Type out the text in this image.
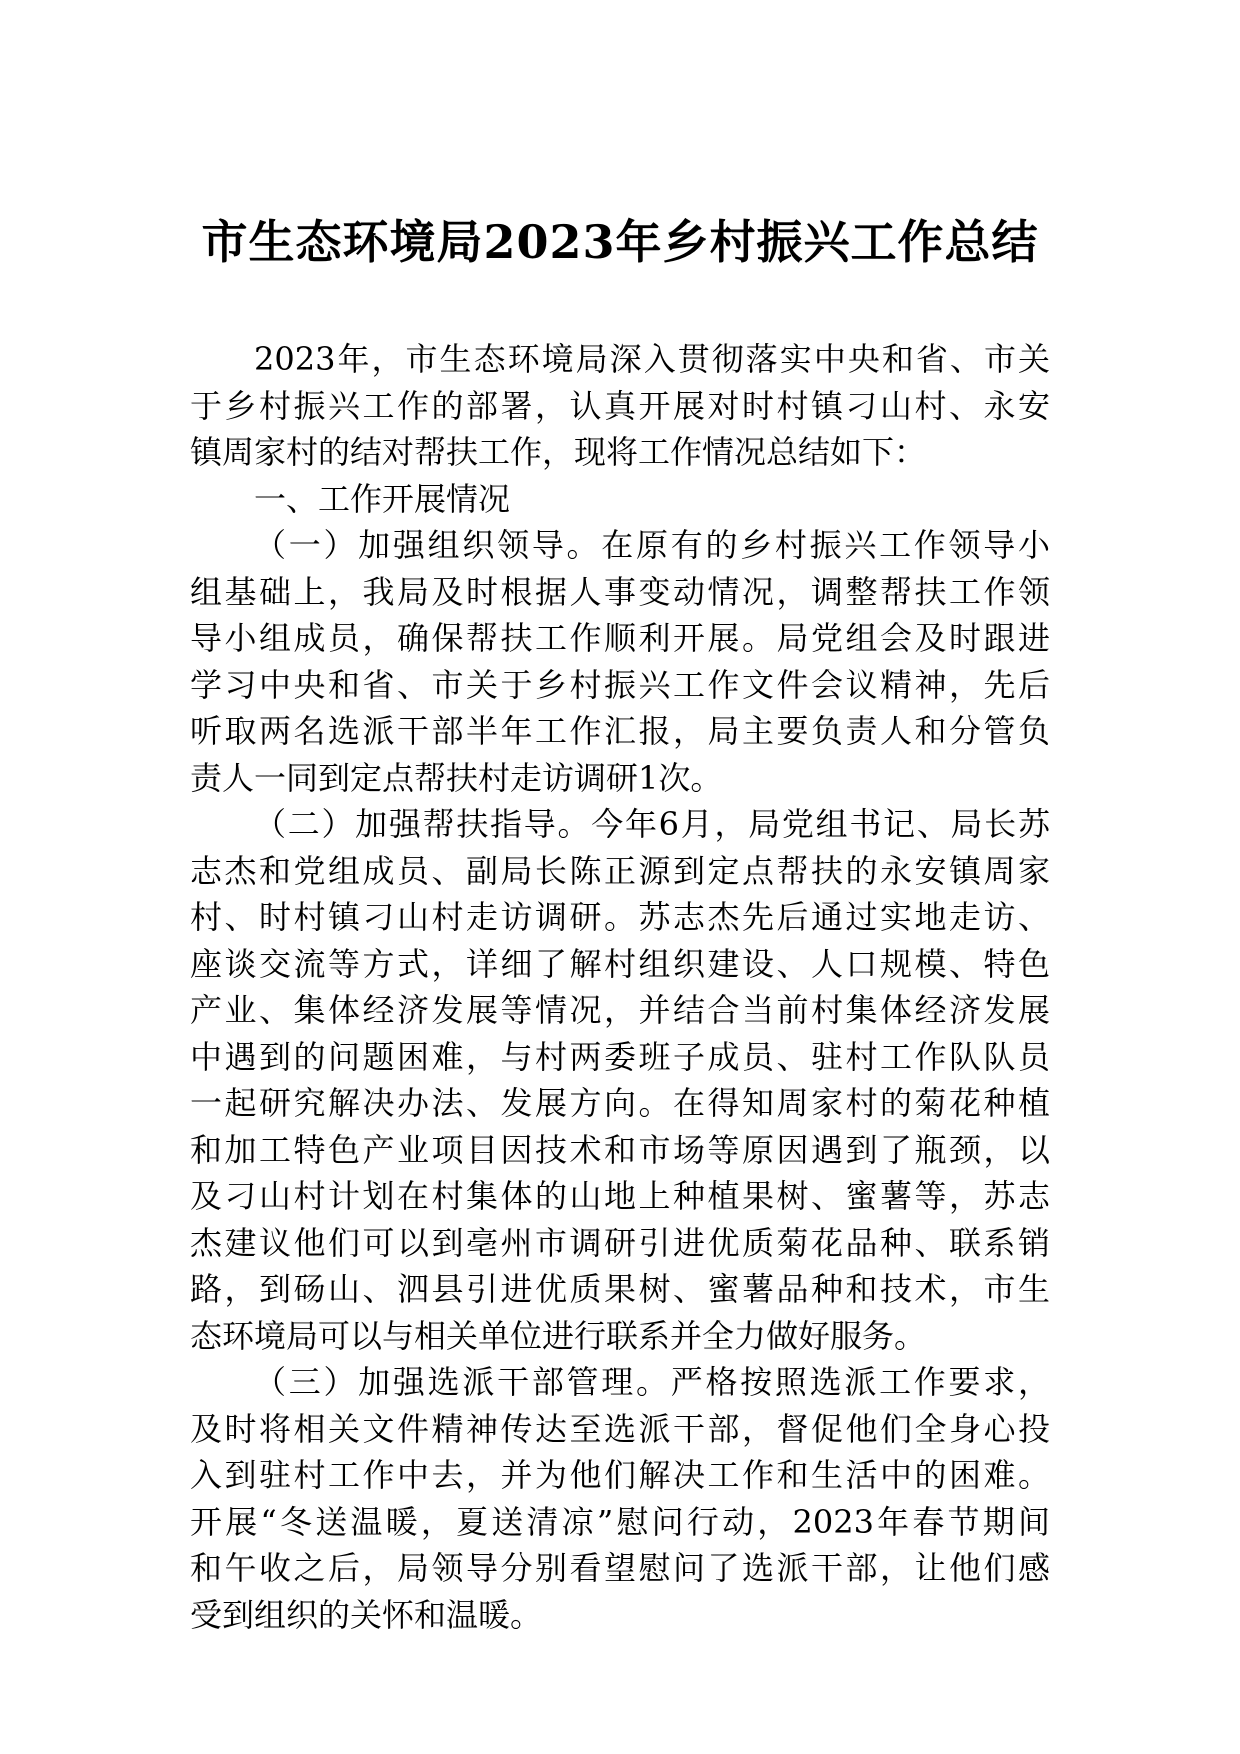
市生态环境局2023年乡村振兴工作总结
2023年，市生态环境局深入贯彻落实中央和省、市关
于乡村振兴工作的部署，认真开展对时村镇刁山村、永安
镇周家村的结对帮扶工作，现将工作情况总结如下：
一、工作开展情况
（一）加强组织领导。在原有的乡村振兴工作领导小
组基础上，我局及时根据人事变动情况，调整帮扶工作领
导小组成员，确保帮扶工作顺利开展。局党组会及时跟进
学习中央和省、市关于乡村振兴工作文件会议精神，先后
听取两名选派干部半年工作汇报，局主要负责人和分管负
责人一同到定点帮扶村走访调研1次。
（二）加强帮扶指导。今年6月，局党组书记、局长苏
志杰和党组成员、副局长陈正源到定点帮扶的永安镇周家
村、时村镇刁山村走访调研。苏志杰先后通过实地走访、
座谈交流等方式，详细了解村组织建设、人口规模、特色
产业、集体经济发展等情况，并结合当前村集体经济发展
中遇到的问题困难，与村两委班子成员、驻村工作队队员
一起研究解决办法、发展方向。在得知周家村的菊花种植
和加工特色产业项目因技术和市场等原因遇到了瓶颈，以
及刁山村计划在村集体的山地上种植果树、蜜薯等，苏志
杰建议他们可以到亳州市调研引进优质菊花品种、联系销
路，到砀山、泗县引进优质果树、蜜薯品种和技术，市生
态环境局可以与相关单位进行联系并全力做好服务。
（三）加强选派干部管理。严格按照选派工作要求，
及时将相关文件精神传达至选派干部，督促他们全身心投
入到驻村工作中去，并为他们解决工作和生活中的困难。
开展“冬送温暖，夏送清凉”慰问行动，2023年春节期间
和午收之后，局领导分别看望慰问了选派干部，让他们感
受到组织的关怀和温暖。
